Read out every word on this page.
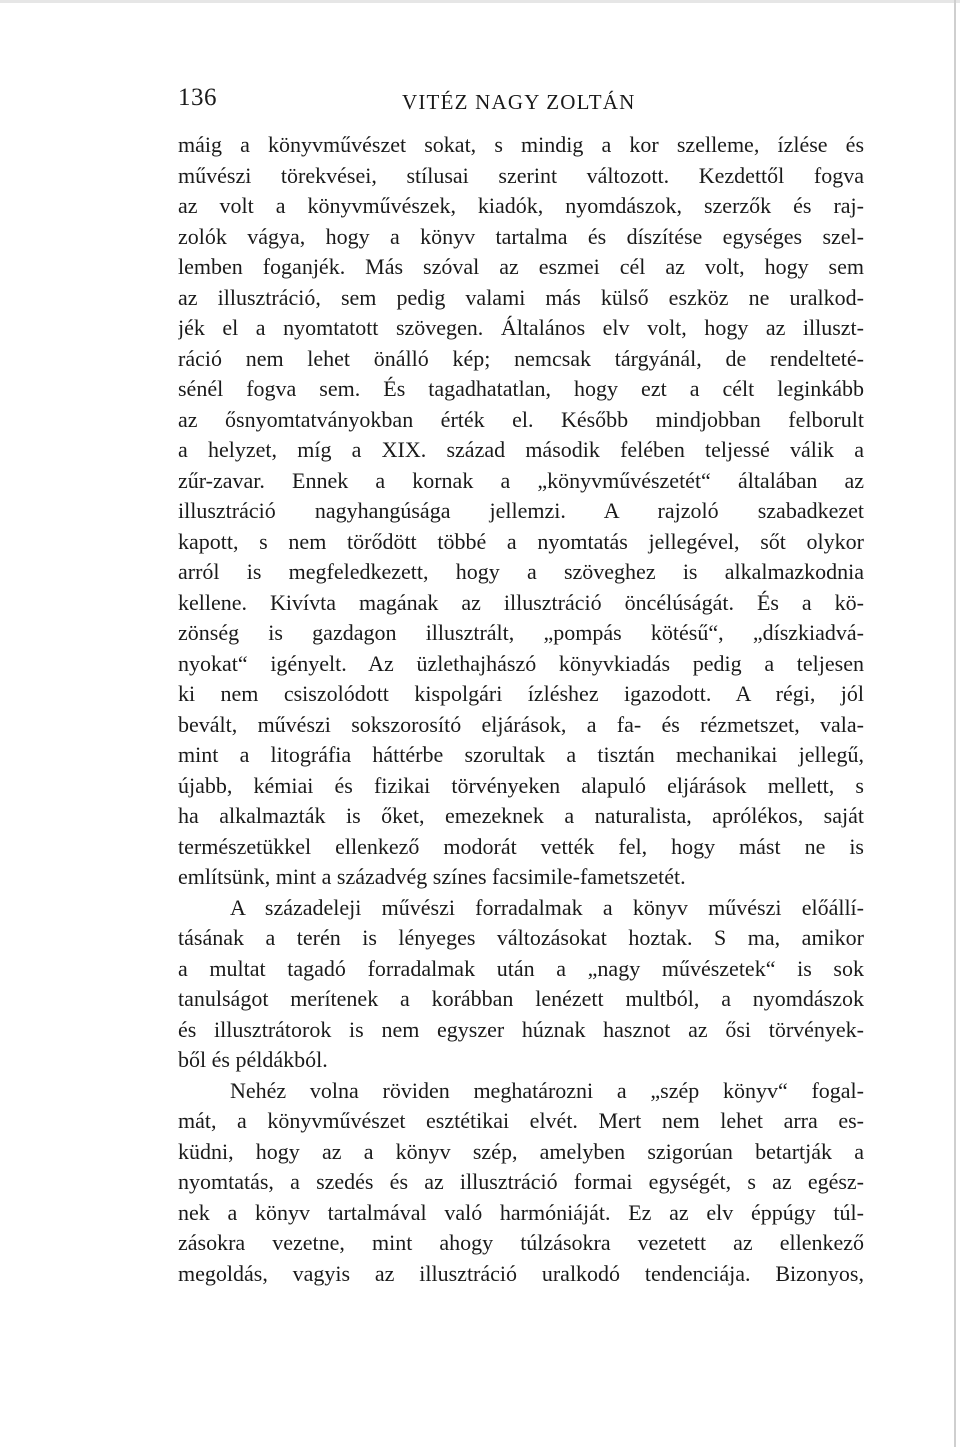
136	VITÉZ NAGY ZOLTÁN
máig a könyvművészet sokat, s mindig a kor szelleme, ízlése és
művészi törekvései, stílusai szerint változott. Kezdettől fogva
az volt a könyvművészek, kiadók, nyomdászok, szerzők és raj-
zolók vágya, hogy a könyv tartalma és díszítése egységes szel-
lemben foganjék. Más szóval az eszmei cél az volt, hogy sem
az illusztráció, sem pedig valami más külső eszköz ne uralkod-
jék el a nyomtatott szövegen. Általános elv volt, hogy az illuszt-
ráció nem lehet önálló kép; nemcsak tárgyánál, de rendelteté-
sénél fogva sem. És tagadhatatlan, hogy ezt a célt leginkább
az ősnyomtatványokban érték el. Később mindjobban felborult
a helyzet, míg a XIX. század második felében teljessé válik a
zűr-zavar. Ennek a kornak a „könyvművészetét“ általában az
illusztráció nagyhangúsága jellemzi. A rajzoló szabadkezet
kapott, s nem törődött többé a nyomtatás jellegével, sőt olykor
arról is megfeledkezett, hogy a szöveghez is alkalmazkodnia
kellene. Kivívta magának az illusztráció öncélúságát. És a kö-
zönség is gazdagon illusztrált, „pompás kötésű“, „díszkiadvá-
nyokat“ igényelt. Az üzlethajhászó könyvkiadás pedig a teljesen
ki nem csiszolódott kispolgári ízléshez igazodott. A régi, jól
bevált, művészi sokszorosító eljárások, a fa- és rézmetszet, vala-
mint a litográfia háttérbe szorultak a tisztán mechanikai jellegű,
újabb, kémiai és fizikai törvényeken alapuló eljárások mellett, s
ha alkalmazták is őket, emezeknek a naturalista, aprólékos, saját
természetükkel ellenkező modorát vették fel, hogy mást ne is
említsünk, mint a századvég színes facsimile-fametszetét.
A századeleji művészi forradalmak a könyv művészi előállí-
tásának a terén is lényeges változásokat hoztak. S ma, amikor
a multat tagadó forradalmak után a „nagy művészetek“ is sok
tanulságot merítenek a korábban lenézett multból, a nyomdászok
és illusztrátorok is nem egyszer húznak hasznot az ősi törvények-
ből és példákból.
Nehéz volna röviden meghatározni a „szép könyv“ fogal-
mát, a könyvművészet esztétikai elvét. Mert nem lehet arra es-
küdni, hogy az a könyv szép, amelyben szigorúan betartják a
nyomtatás, a szedés és az illusztráció formai egységét, s az egész-
nek a könyv tartalmával való harmóniáját. Ez az elv éppúgy túl-
zásokra vezetne, mint ahogy túlzásokra vezetett az ellenkező
megoldás, vagyis az illusztráció uralkodó tendenciája. Bizonyos,
